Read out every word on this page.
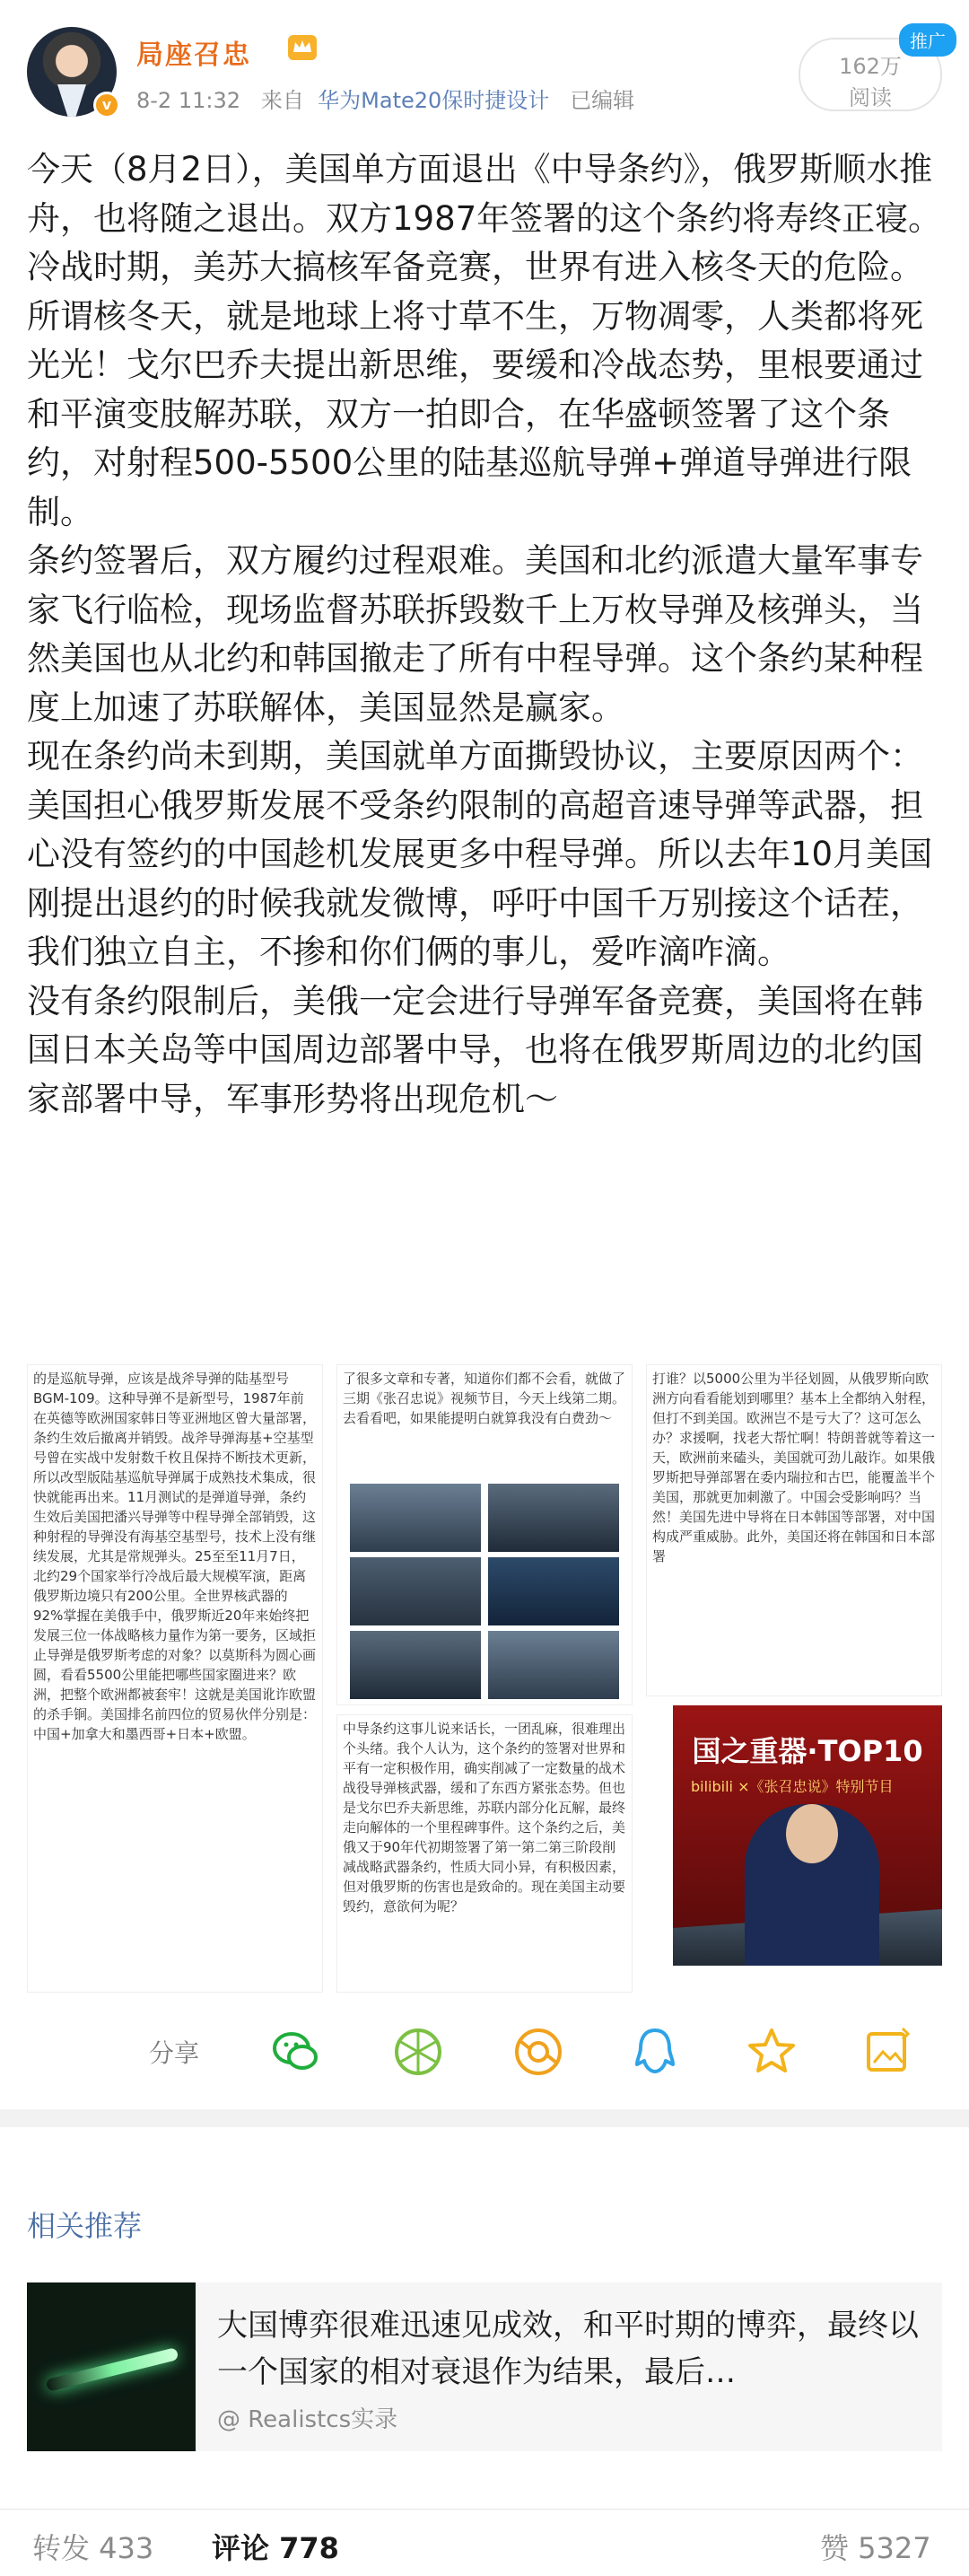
v
局座召忠
8-2 11:32 来自 华为Mate20保时捷设计 已编辑
162万
阅读
推广

今天（8月2日），美国单方面退出《中导条约》，俄罗斯顺水推舟，也将随之退出。双方1987年签署的这个条约将寿终正寝。

冷战时期，美苏大搞核军备竞赛，世界有进入核冬天的危险。所谓核冬天，就是地球上将寸草不生，万物凋零，人类都将死光光！戈尔巴乔夫提出新思维，要缓和冷战态势，里根要通过和平演变肢解苏联，双方一拍即合，在华盛顿签署了这个条约，对射程500-5500公里的陆基巡航导弹+弹道导弹进行限制。

条约签署后，双方履约过程艰难。美国和北约派遣大量军事专家飞行临检，现场监督苏联拆毁数千上万枚导弹及核弹头，当然美国也从北约和韩国撤走了所有中程导弹。这个条约某种程度上加速了苏联解体，美国显然是赢家。

现在条约尚未到期，美国就单方面撕毁协议，主要原因两个：美国担心俄罗斯发展不受条约限制的高超音速导弹等武器，担心没有签约的中国趁机发展更多中程导弹。所以去年10月美国刚提出退约的时候我就发微博，呼吁中国千万别接这个话茬，我们独立自主，不掺和你们俩的事儿，爱咋滴咋滴。

没有条约限制后，美俄一定会进行导弹军备竞赛，美国将在韩国日本关岛等中国周边部署中导，也将在俄罗斯周边的北约国家部署中导，军事形势将出现危机～

的是巡航导弹，应该是战斧导弹的陆基型号BGM-109。这种导弹不是新型号，1987年前在英德等欧洲国家韩日等亚洲地区曾大量部署，条约生效后撤离并销毁。战斧导弹海基+空基型号曾在实战中发射数千枚且保持不断技术更新，所以改型版陆基巡航导弹属于成熟技术集成，很快就能再出来。11月测试的是弹道导弹，条约生效后美国把潘兴导弹等中程导弹全部销毁，这种射程的导弹没有海基空基型号，技术上没有继续发展，尤其是常规弹头。25至至11月7日，北约29个国家举行冷战后最大规模军演，距离俄罗斯边境只有200公里。全世界核武器的92%掌握在美俄手中，俄罗斯近20年来始终把发展三位一体战略核力量作为第一要务，区域拒止导弹是俄罗斯考虑的对象？以莫斯科为圆心画圆，看看5500公里能把哪些国家圈进来？欧洲，把整个欧洲都被套牢！这就是美国讹诈欧盟的杀手锏。美国排名前四位的贸易伙伴分别是：中国+加拿大和墨西哥+日本+欧盟。
了很多文章和专著，知道你们都不会看，就做了三期《张召忠说》视频节目，今天上线第二期。去看看吧，如果能提明白就算我没有白费劲～
中导条约这事儿说来话长，一团乱麻，很难理出个头绪。我个人认为，这个条约的签署对世界和平有一定积极作用，确实削减了一定数量的战术战役导弹核武器，缓和了东西方紧张态势。但也是戈尔巴乔夫新思维，苏联内部分化瓦解，最终走向解体的一个里程碑事件。这个条约之后，美俄又于90年代初期签署了第一第二第三阶段削减战略武器条约，性质大同小异，有积极因素，但对俄罗斯的伤害也是致命的。现在美国主动要毁约，意欲何为呢？
打谁？以5000公里为半径划圆，从俄罗斯向欧洲方向看看能划到哪里？基本上全都纳入射程，但打不到美国。欧洲岂不是亏大了？这可怎么办？求援啊，找老大帮忙啊！特朗普就等着这一天，欧洲前来磕头，美国就可劲儿敲诈。如果俄罗斯把导弹部署在委内瑞拉和古巴，能覆盖半个美国，那就更加刺激了。中国会受影响吗？当然！美国先进中导将在日本韩国等部署，对中国构成严重威胁。此外，美国还将在韩国和日本部署
国之重器·TOP10
bilibili ×《张召忠说》特别节目
分享
相关推荐
大国博弈很难迅速见成效，和平时期的博弈，最终以一个国家的相对衰退作为结果，最后…
@ Realistcs实录
转发 433 评论 778	赞 5327
